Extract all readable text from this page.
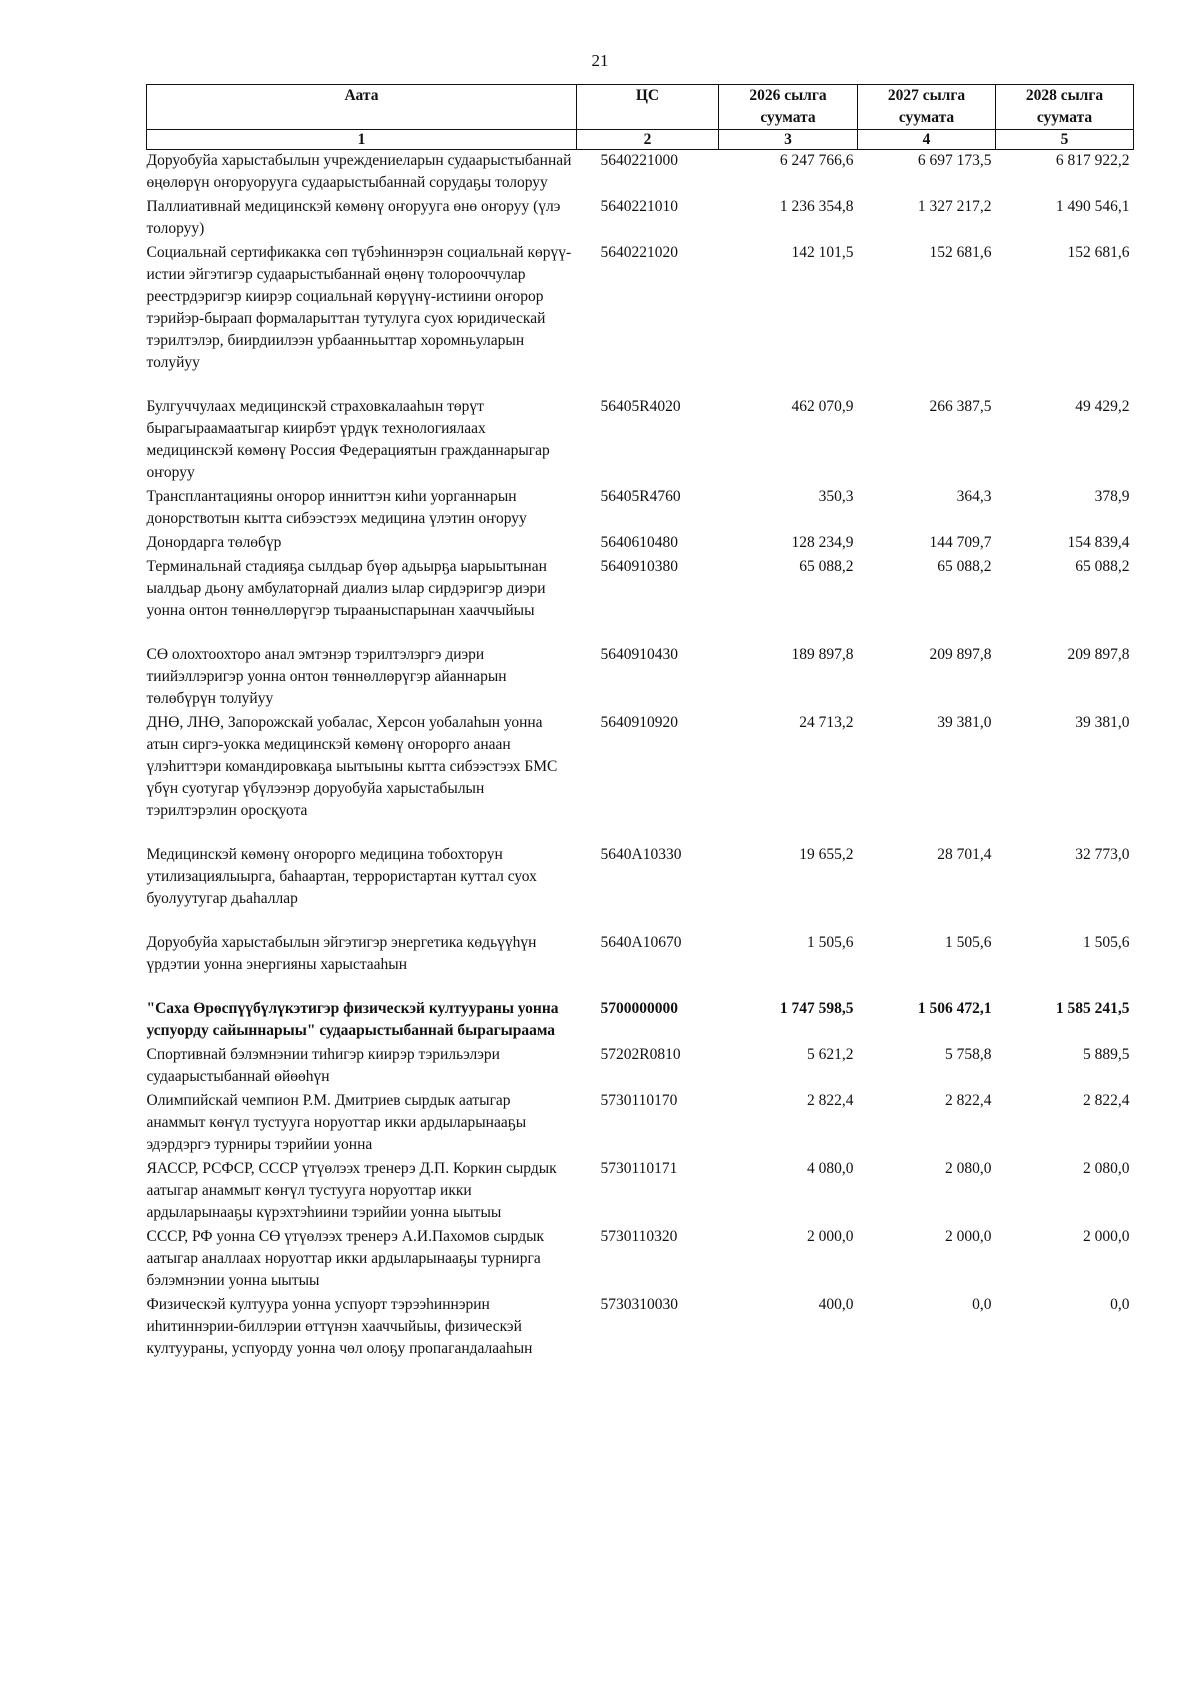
21
Аата	ЦС	2026 сылга суумата	2027 сылга суумата	2028 сылга суумата
1	2	3	4	5
Доруобуйа харыстабылын учреждениеларын судаарыстыбаннай өңөлөрүн оҥоруорууга судаарыстыбаннай сорудаҕы толоруу	5640221000	6 247 766,6	6 697 173,5	6 817 922,2
Паллиативнай медицинскэй көмөнү оҥорууга өнө оҥоруу (үлэ толоруу)	5640221010	1 236 354,8	1 327 217,2	1 490 546,1
Социальнай сертификакка сөп түбэһиннэрэн социальнай көрүү-истии эйгэтигэр судаарыстыбаннай өңөнү толорооччулар реестрдэригэр киирэр социальнай көрүүнү-истиини оҥорор тэрийэр-быраап формаларыттан тутулуга суох юридическай тэрилтэлэр, биирдиилээн урбаанньыттар хоромньуларын толуйуу	5640221020	142 101,5	152 681,6	152 681,6
Булгуччулаах медицинскэй страховкалааһын төрүт бырагыраамаатыгар киирбэт үрдүк технологиялаах медицинскэй көмөнү Россия Федерациятын гражданнарыгар оҥоруу	56405R4020	462 070,9	266 387,5	49 429,2
Трансплантацияны оҥорор инниттэн киһи уорганнарын донорствотын кытта сибээстээх медицина үлэтин оҥоруу	56405R4760	350,3	364,3	378,9
Донордарга төлөбүр	5640610480	128 234,9	144 709,7	154 839,4
Терминальнай стадияҕа сылдьар бүөр адьырҕа ыарыытынан ыалдьар дьону амбулаторнай диализ ылар сирдэригэр диэри уонна онтон төннөллөрүгэр тырааныспарынан хааччыйыы	5640910380	65 088,2	65 088,2	65 088,2
СӨ олохтоохторо анал эмтэнэр тэрилтэлэргэ диэри тиийэллэригэр уонна онтон төннөллөрүгэр айаннарын төлөбүрүн толуйуу	5640910430	189 897,8	209 897,8	209 897,8
ДНӨ, ЛНӨ, Запорожскай уобалас, Херсон уобалаһын уонна атын сиргэ-уокка медицинскэй көмөнү оҥорорго анаан үлэһиттэри командировкаҕа ыытыыны кытта сибээстээх БМС үбүн суотугар үбүлээнэр доруобуйа харыстабылын тэрилтэрэлин оросқуота	5640910920	24 713,2	39 381,0	39 381,0
Медицинскэй көмөнү оҥорорго медицина тобохторун утилизациялыырга, баһаартан, террористартан куттал суох буолуутугар дьаһаллар	5640A10330	19 655,2	28 701,4	32 773,0
Доруобуйа харыстабылын эйгэтигэр энергетика көдьүүһүн үрдэтии уонна энергияны харыстааһын	5640A10670	1 505,6	1 505,6	1 505,6
"Саха Өрөспүүбүлүкэтигэр физическэй култуураны уонна успуорду сайыннарыы" судаарыстыбаннай бырагыраама	5700000000	1 747 598,5	1 506 472,1	1 585 241,5
Спортивнай бэлэмнэнии тиһигэр киирэр тэрильэлэри судаарыстыбаннай өйөөһүн	57202R0810	5 621,2	5 758,8	5 889,5
Олимпийскай чемпион Р.М. Дмитриев сырдык аатыгар анаммыт көҥүл тустууга норуоттар икки ардыларынааҕы эдэрдэргэ турниры тэрийии уонна	5730110170	2 822,4	2 822,4	2 822,4
ЯАССР, РСФСР, СССР үтүөлээх тренерэ Д.П. Коркин сырдык аатыгар анаммыт көҥүл тустууга норуоттар икки ардыларынааҕы күрэхтэһиини тэрийии уонна ыытыы	5730110171	4 080,0	2 080,0	2 080,0
СССР, РФ уонна СӨ үтүөлээх тренерэ А.И.Пахомов сырдык аатыгар аналлаах норуоттар икки ардыларынааҕы турнирга бэлэмнэнии уонна ыытыы	5730110320	2 000,0	2 000,0	2 000,0
Физическэй култуура уонна успуорт тэрээһиннэрин иһитиннэрии-биллэрии өттүнэн хааччыйыы, физическэй култуураны, успуорду уонна чөл олоҕу пропагандалааһын	5730310030	400,0	0,0	0,0
